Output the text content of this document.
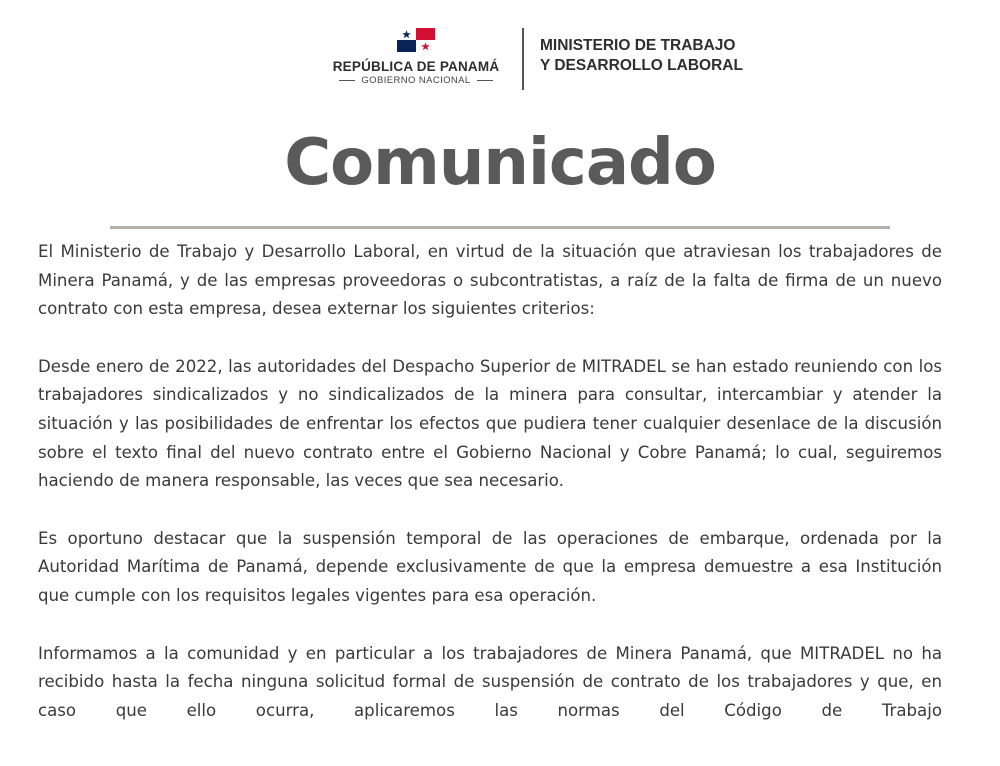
REPÚBLICA DE PANAMÁ
GOBIERNO NACIONAL
MINISTERIO DE TRABAJO
Y DESARROLLO LABORAL
Comunicado

El Ministerio de Trabajo y Desarrollo Laboral, en virtud de la situación que atraviesan los trabajadores de Minera Panamá, y de las empresas proveedoras o subcontratistas, a raíz de la falta de firma de un nuevo contrato con esta empresa, desea externar los siguientes criterios:

Desde enero de 2022, las autoridades del Despacho Superior de MITRADEL se han estado reuniendo con los trabajadores sindicalizados y no sindicalizados de la minera para consultar, intercambiar y atender la situación y las posibilidades de enfrentar los efectos que pudiera tener cualquier desenlace de la discusión sobre el texto final del nuevo contrato entre el Gobierno Nacional y Cobre Panamá; lo cual, seguiremos haciendo de manera responsable, las veces que sea necesario.

Es oportuno destacar que la suspensión temporal de las operaciones de embarque, ordenada por la Autoridad Marítima de Panamá, depende exclusivamente de que la empresa demuestre a esa Institución que cumple con los requisitos legales vigentes para esa operación.

Informamos a la comunidad y en particular a los trabajadores de Minera Panamá, que MITRADEL no ha recibido hasta la fecha ninguna solicitud formal de suspensión de contrato de los trabajadores y que, en caso que ello ocurra, aplicaremos las normas del Código de Trabajo
